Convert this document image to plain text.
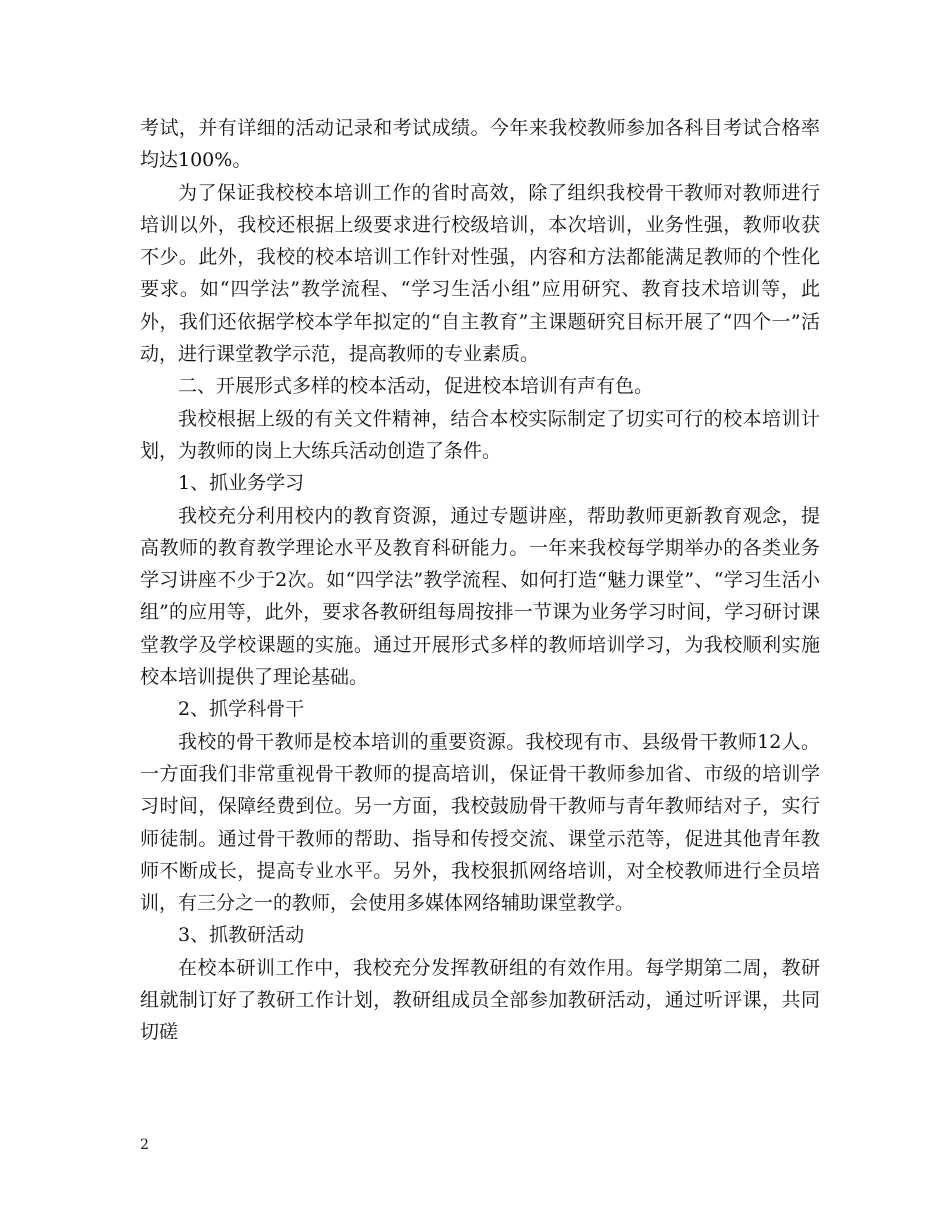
考试，并有详细的活动记录和考试成绩。今年来我校教师参加各科目考试合格率均达100%。

为了保证我校校本培训工作的省时高效，除了组织我校骨干教师对教师进行培训以外，我校还根据上级要求进行校级培训，本次培训，业务性强，教师收获不少。此外，我校的校本培训工作针对性强，内容和方法都能满足教师的个性化要求。如“四学法”教学流程、“学习生活小组”应用研究、教育技术培训等，此外，我们还依据学校本学年拟定的“自主教育”主课题研究目标开展了“四个一”活动，进行课堂教学示范，提高教师的专业素质。

二、开展形式多样的校本活动，促进校本培训有声有色。

我校根据上级的有关文件精神，结合本校实际制定了切实可行的校本培训计划，为教师的岗上大练兵活动创造了条件。

1、抓业务学习

我校充分利用校内的教育资源，通过专题讲座，帮助教师更新教育观念，提高教师的教育教学理论水平及教育科研能力。一年来我校每学期举办的各类业务学习讲座不少于2次。如“四学法”教学流程、如何打造“魅力课堂”、“学习生活小组”的应用等，此外，要求各教研组每周按排一节课为业务学习时间，学习研讨课堂教学及学校课题的实施。通过开展形式多样的教师培训学习，为我校顺利实施校本培训提供了理论基础。

2、抓学科骨干

我校的骨干教师是校本培训的重要资源。我校现有市、县级骨干教师12人。一方面我们非常重视骨干教师的提高培训，保证骨干教师参加省、市级的培训学习时间，保障经费到位。另一方面，我校鼓励骨干教师与青年教师结对子，实行师徒制。通过骨干教师的帮助、指导和传授交流、课堂示范等，促进其他青年教师不断成长，提高专业水平。另外，我校狠抓网络培训，对全校教师进行全员培训，有三分之一的教师，会使用多媒体网络辅助课堂教学。

3、抓教研活动

在校本研训工作中，我校充分发挥教研组的有效作用。每学期第二周，教研组就制订好了教研工作计划，教研组成员全部参加教研活动，通过听评课，共同切磋

2
